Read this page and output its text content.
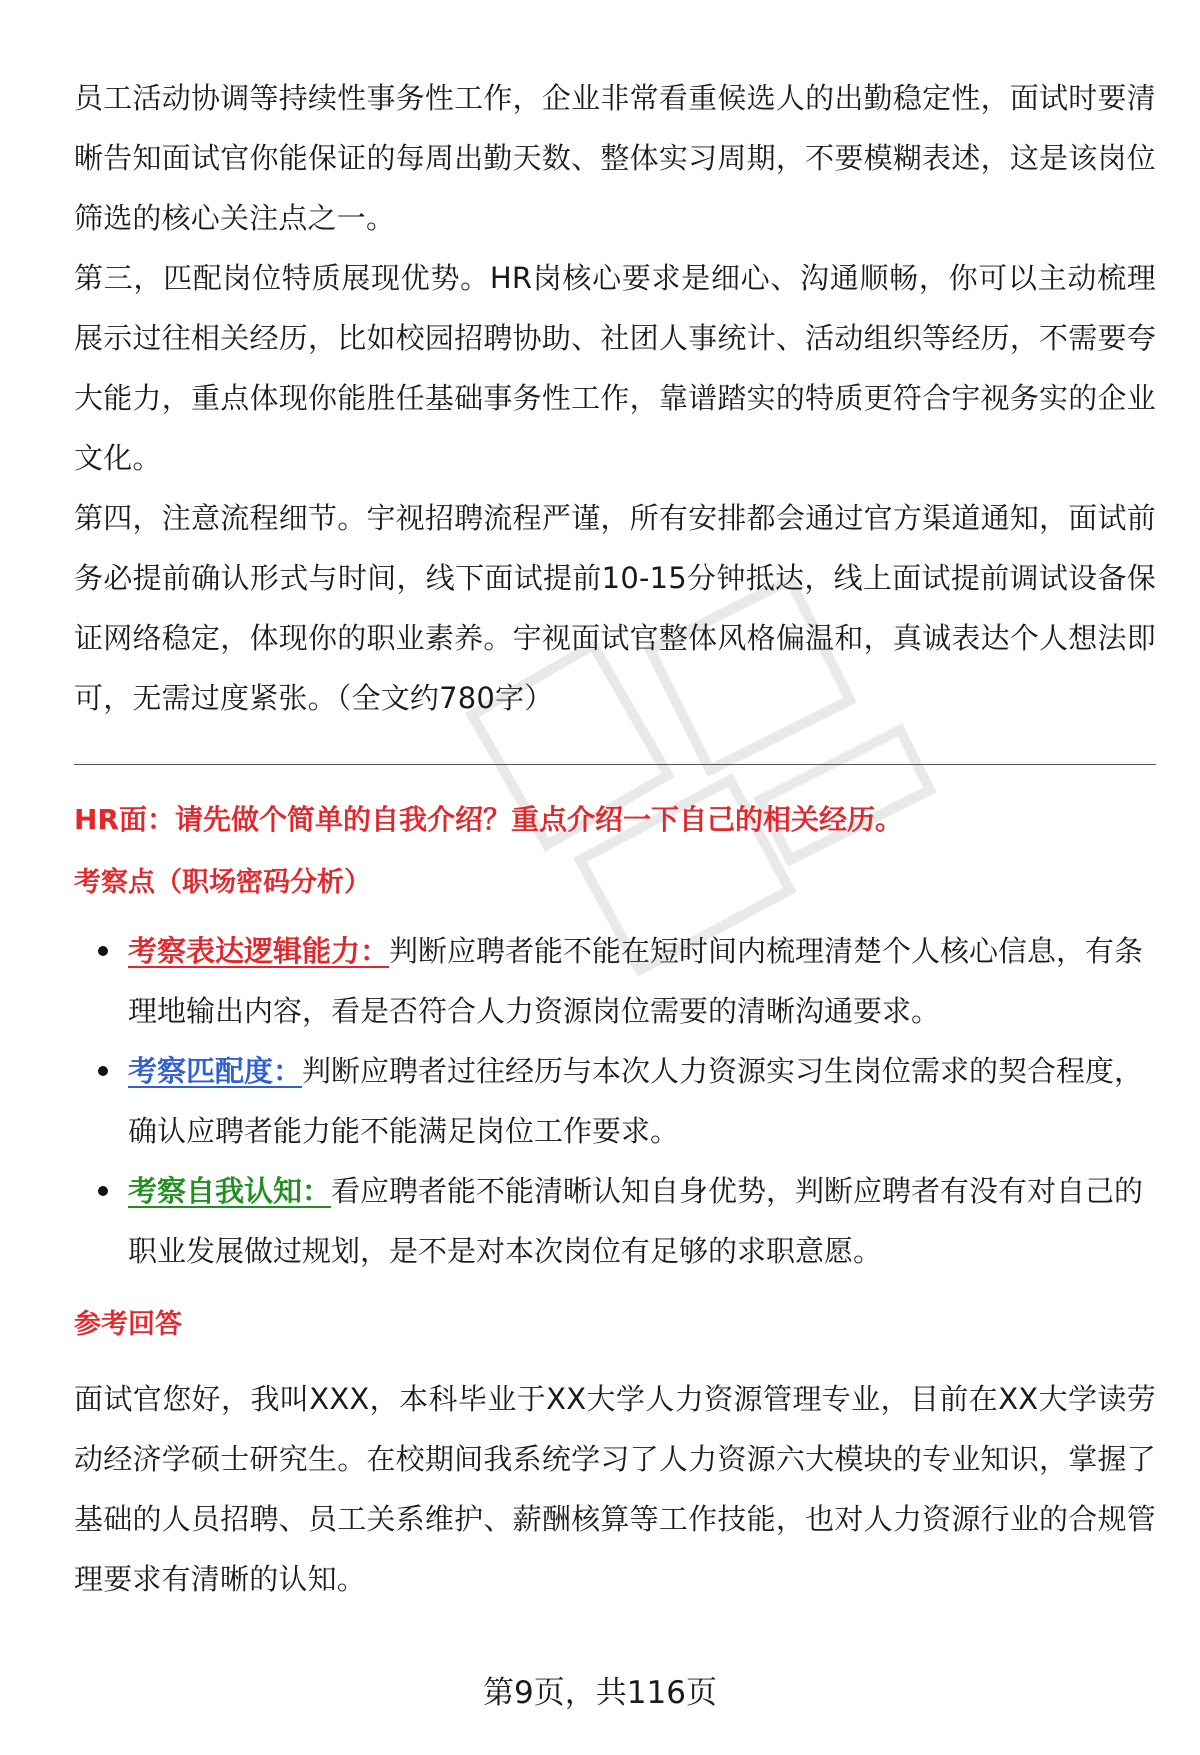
员工活动协调等持续性事务性工作，企业非常看重候选人的出勤稳定性，面试时要清晰告知面试官你能保证的每周出勤天数、整体实习周期，不要模糊表述，这是该岗位筛选的核心关注点之一。

第三，匹配岗位特质展现优势。HR岗核心要求是细心、沟通顺畅，你可以主动梳理展示过往相关经历，比如校园招聘协助、社团人事统计、活动组织等经历，不需要夸大能力，重点体现你能胜任基础事务性工作，靠谱踏实的特质更符合宇视务实的企业文化。

第四，注意流程细节。宇视招聘流程严谨，所有安排都会通过官方渠道通知，面试前务必提前确认形式与时间，线下面试提前10-15分钟抵达，线上面试提前调试设备保证网络稳定，体现你的职业素养。宇视面试官整体风格偏温和，真诚表达个人想法即可，无需过度紧张。（全文约780字）

HR面：请先做个简单的自我介绍？重点介绍一下自己的相关经历。

考察点（职场密码分析）

考察表达逻辑能力：判断应聘者能不能在短时间内梳理清楚个人核心信息，有条理地输出内容，看是否符合人力资源岗位需要的清晰沟通要求。
考察匹配度：判断应聘者过往经历与本次人力资源实习生岗位需求的契合程度，确认应聘者能力能不能满足岗位工作要求。
考察自我认知：看应聘者能不能清晰认知自身优势，判断应聘者有没有对自己的职业发展做过规划，是不是对本次岗位有足够的求职意愿。

参考回答

面试官您好，我叫XXX，本科毕业于XX大学人力资源管理专业，目前在XX大学读劳动经济学硕士研究生。在校期间我系统学习了人力资源六大模块的专业知识，掌握了基础的人员招聘、员工关系维护、薪酬核算等工作技能，也对人力资源行业的合规管理要求有清晰的认知。

第9页，共116页
